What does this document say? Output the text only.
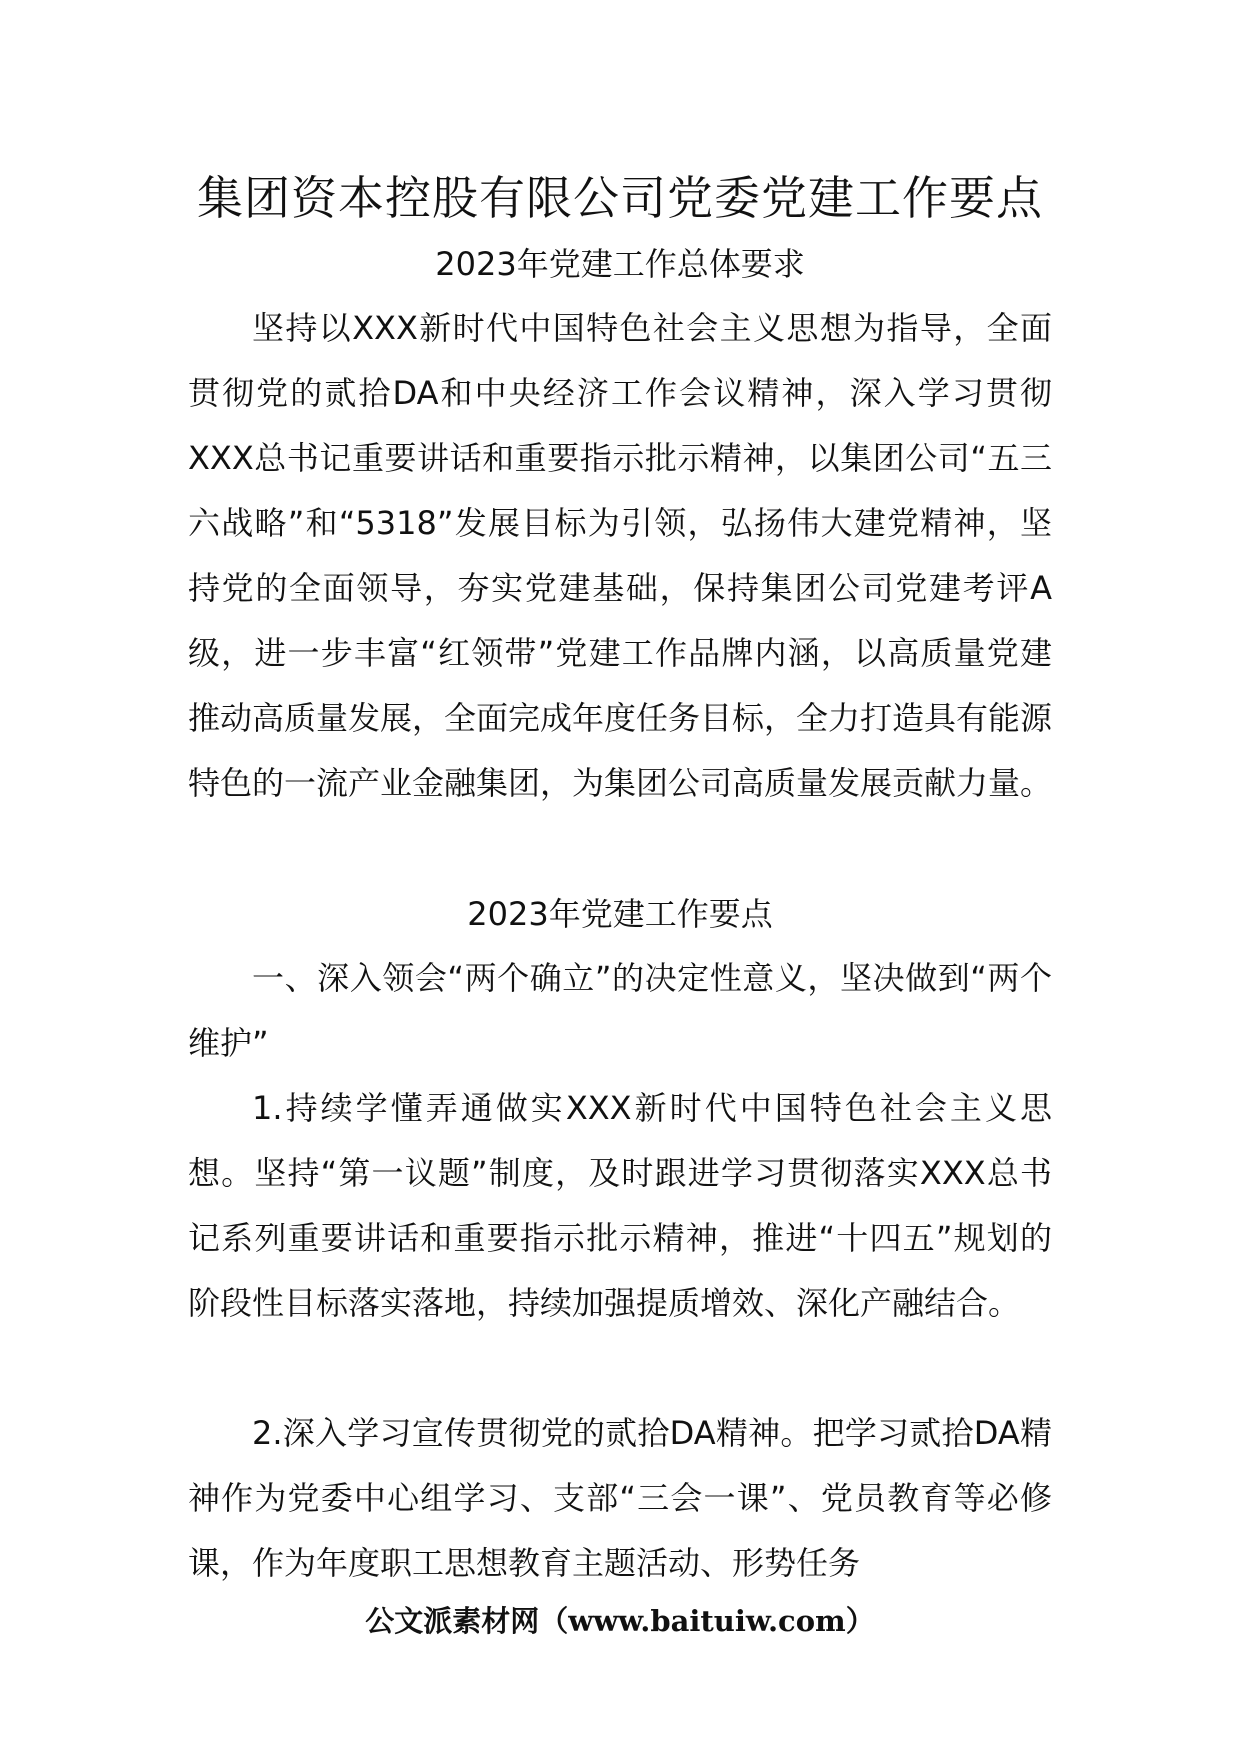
集团资本控股有限公司党委党建工作要点

2023年党建工作总体要求

坚持以XXX新时代中国特色社会主义思想为指导，全面贯彻党的贰拾DA和中央经济工作会议精神，深入学习贯彻XXX总书记重要讲话和重要指示批示精神，以集团公司“五三六战略”和“5318”发展目标为引领，弘扬伟大建党精神，坚持党的全面领导，夯实党建基础，保持集团公司党建考评A级，进一步丰富“红领带”党建工作品牌内涵，以高质量党建推动高质量发展，全面完成年度任务目标，全力打造具有能源特色的一流产业金融集团，为集团公司高质量发展贡献力量。

2023年党建工作要点

一、深入领会“两个确立”的决定性意义，坚决做到“两个维护”

1.持续学懂弄通做实XXX新时代中国特色社会主义思想。坚持“第一议题”制度，及时跟进学习贯彻落实XXX总书记系列重要讲话和重要指示批示精神，推进“十四五”规划的阶段性目标落实落地，持续加强提质增效、深化产融结合。

2.深入学习宣传贯彻党的贰拾DA精神。把学习贰拾DA精神作为党委中心组学习、支部“三会一课”、党员教育等必修课，作为年度职工思想教育主题活动、形势任务

公文派素材网（www.baituiw.com）
